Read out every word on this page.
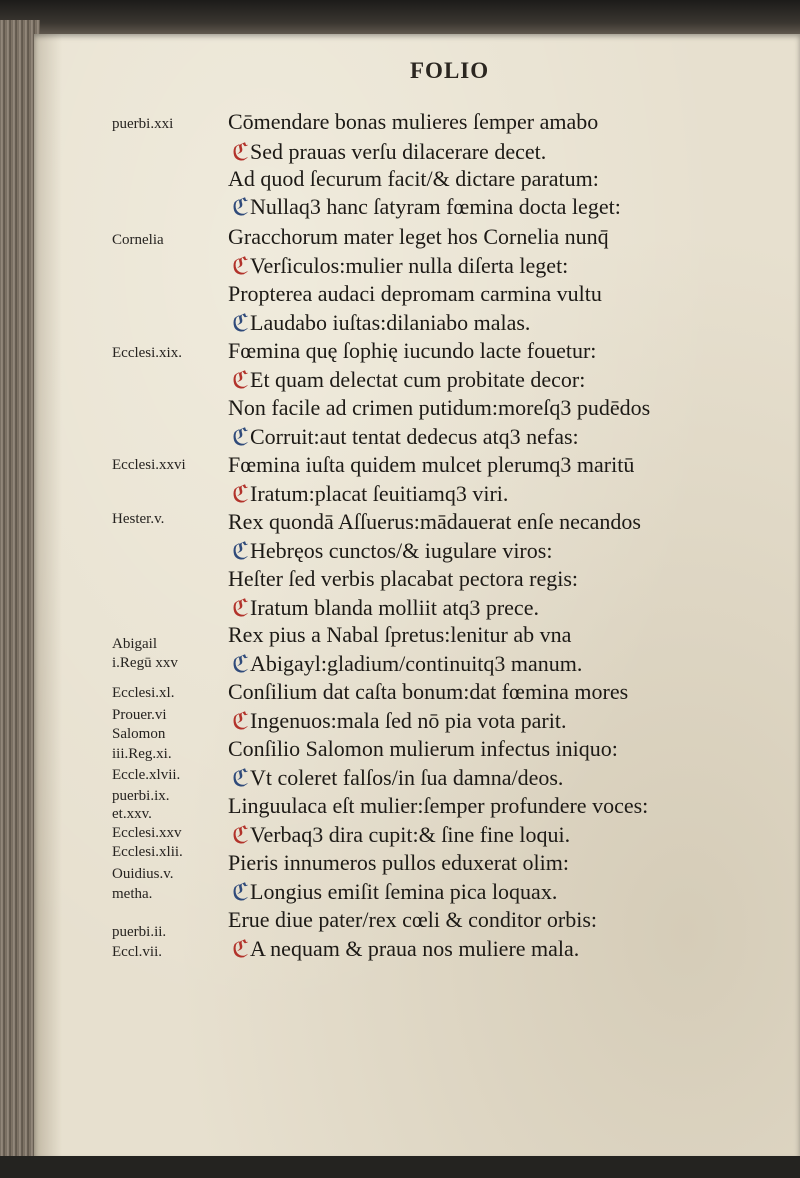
FOLIO
puerbi.xxi
Cornelia
Ecclesi.xix.
Ecclesi.xxvi
Hester.v.
Abigail
i.Regū xxv
Ecclesi.xl.
Prouer.vi
Salomon
iii.Reg.xi.
Eccle.xlvii.
puerbi.ix.
et.xxv.
Ecclesi.xxv
Ecclesi.xlii.
Ouidius.v.
metha.
puerbi.ii.
Eccl.vii.
Cōmendare bonas mulieres ſemper amabo
ℭSed prauas verſu dilacerare decet.
Ad quod ſecurum facit/& dictare paratum:
ℭNullaq3 hanc ſatyram fœmina docta leget:
Gracchorum mater leget hos Cornelia nunq̄
ℭVerſiculos:mulier nulla diſerta leget:
Propterea audaci depromam carmina vultu
ℭLaudabo iuſtas:dilaniabo malas.
Fœmina quę ſophię iucundo lacte fouetur:
ℭEt quam delectat cum probitate decor:
Non facile ad crimen putidum:moreſq3 pudēdos
ℭCorruit:aut tentat dedecus atq3 nefas:
Fœmina iuſta quidem mulcet plerumq3 maritū
ℭIratum:placat ſeuitiamq3 viri.
Rex quondā Aſſuerus:mādauerat enſe necandos
ℭHebręos cunctos/& iugulare viros:
Heſter ſed verbis placabat pectora regis:
ℭIratum blanda molliit atq3 prece.
Rex pius a Nabal ſpretus:lenitur ab vna
ℭAbigayl:gladium/continuitq3 manum.
Conſilium dat caſta bonum:dat fœmina mores
ℭIngenuos:mala ſed nō pia vota parit.
Conſilio Salomon mulierum infectus iniquo:
ℭVt coleret falſos/in ſua damna/deos.
Linguulaca eſt mulier:ſemper profundere voces:
ℭVerbaq3 dira cupit:& ſine fine loqui.
Pieris innumeros pullos eduxerat olim:
ℭLongius emiſit ſemina pica loquax.
Erue diue pater/rex cœli & conditor orbis:
ℭA nequam & praua nos muliere mala.
